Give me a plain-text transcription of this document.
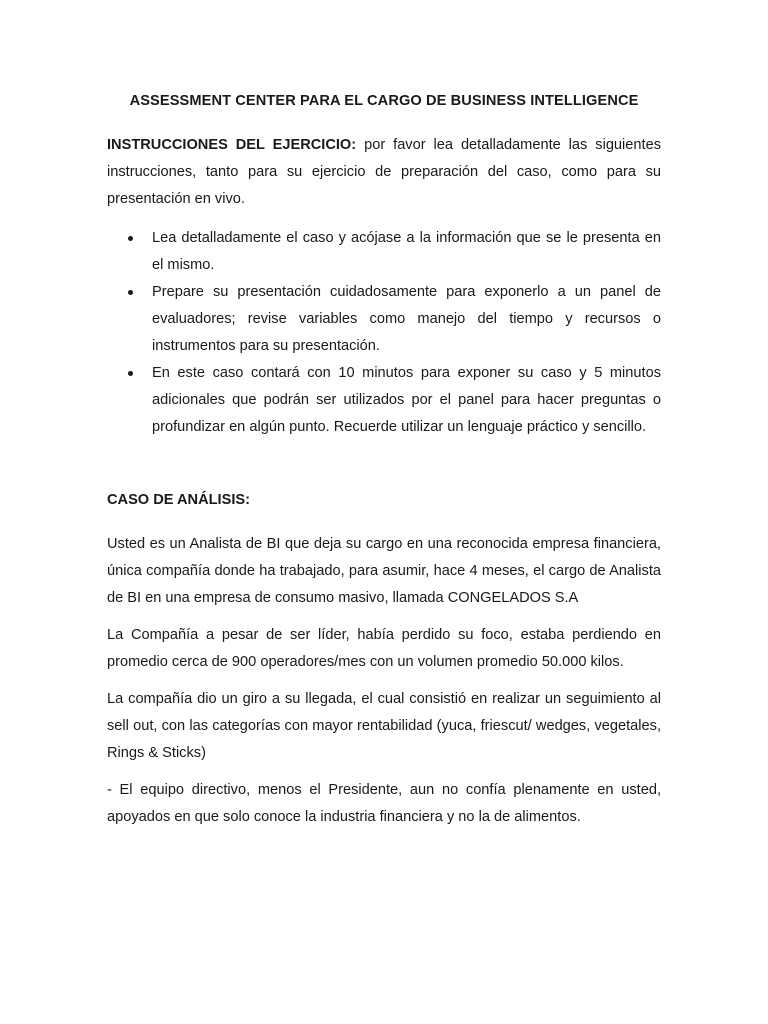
ASSESSMENT CENTER PARA EL CARGO DE BUSINESS INTELLIGENCE

INSTRUCCIONES DEL EJERCICIO: por favor lea detalladamente las siguientes instrucciones, tanto para su ejercicio de preparación del caso, como para su presentación en vivo.

Lea detalladamente el caso y acójase a la información que se le presenta en el mismo.
Prepare su presentación cuidadosamente para exponerlo a un panel de evaluadores; revise variables como manejo del tiempo y recursos o instrumentos para su presentación.
En este caso contará con 10 minutos para exponer su caso y 5 minutos adicionales que podrán ser utilizados por el panel para hacer preguntas o profundizar en algún punto. Recuerde utilizar un lenguaje práctico y sencillo.
CASO DE ANÁLISIS:

Usted es un Analista de BI que deja su cargo en una reconocida empresa financiera, única compañía donde ha trabajado, para asumir, hace 4 meses, el cargo de Analista de BI en una empresa de consumo masivo, llamada CONGELADOS S.A

La Compañía a pesar de ser líder, había perdido su foco, estaba perdiendo en promedio cerca de 900 operadores/mes con un volumen promedio 50.000 kilos.

La compañía dio un giro a su llegada, el cual consistió en realizar un seguimiento al sell out, con las categorías con mayor rentabilidad (yuca, friescut/ wedges, vegetales, Rings & Sticks)

- El equipo directivo, menos el Presidente, aun no confía plenamente en usted, apoyados en que solo conoce la industria financiera y no la de alimentos.
